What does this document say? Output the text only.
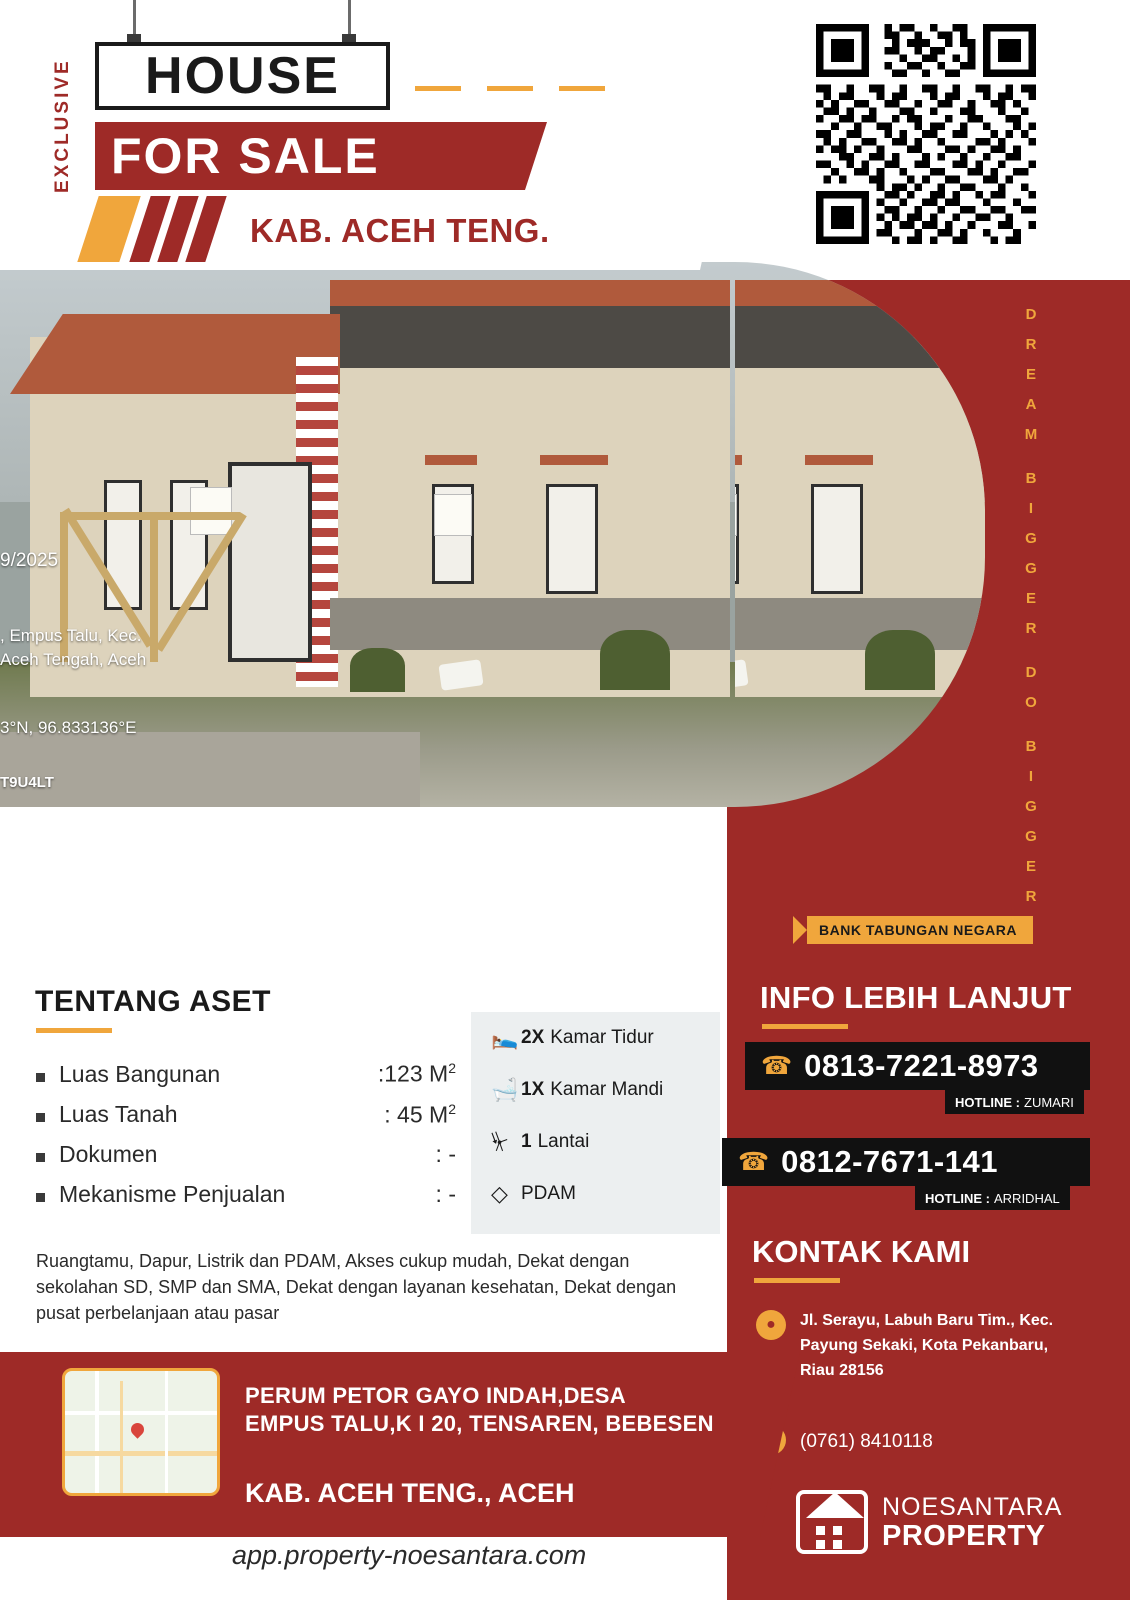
D
R
E
A
M
B
I
G
G
E
R
D
O
B
I
G
G
E
R
9/2025
, Empus Talu, Kec.
Aceh Tengah, Aceh
3°N, 96.833136°E
T9U4LT
EXCLUSIVE	HOUSE
FOR SALE
KAB. ACEH TENG.
TENTANG ASET
Luas Bangunan	:123 $M^2$
Luas Tanah	: 45 $M^2$
Dokumen	: -
Mekanisme Penjualan	: -
Ruangtamu, Dapur, Listrik dan PDAM, Akses cukup mudah, Dekat dengan sekolahan SD, SMP dan SMA, Dekat dengan layanan kesehatan, Dekat dengan pusat perbelanjaan atau pasar
🛌 2X Kamar Tidur
🛁 1X Kamar Mandi
⏧ 1 Lantai
◇ PDAM
BANK TABUNGAN NEGARA
INFO LEBIH LANJUT
☎ 0813-7221-8973
HOTLINE : ZUMARI
☎ 0812-7671-141
HOTLINE : ARRIDHAL
KONTAK KAMI
●	Jl. Serayu, Labuh Baru Tim., Kec. Payung Sekaki, Kota Pekanbaru, Riau 28156
(0761) 8410118
NOESANTARA
PROPERTY
PERUM PETOR GAYO INDAH,DESA
EMPUS TALU,K I 20, TENSAREN, BEBESEN
KAB. ACEH TENG., ACEH
app.property-noesantara.com
